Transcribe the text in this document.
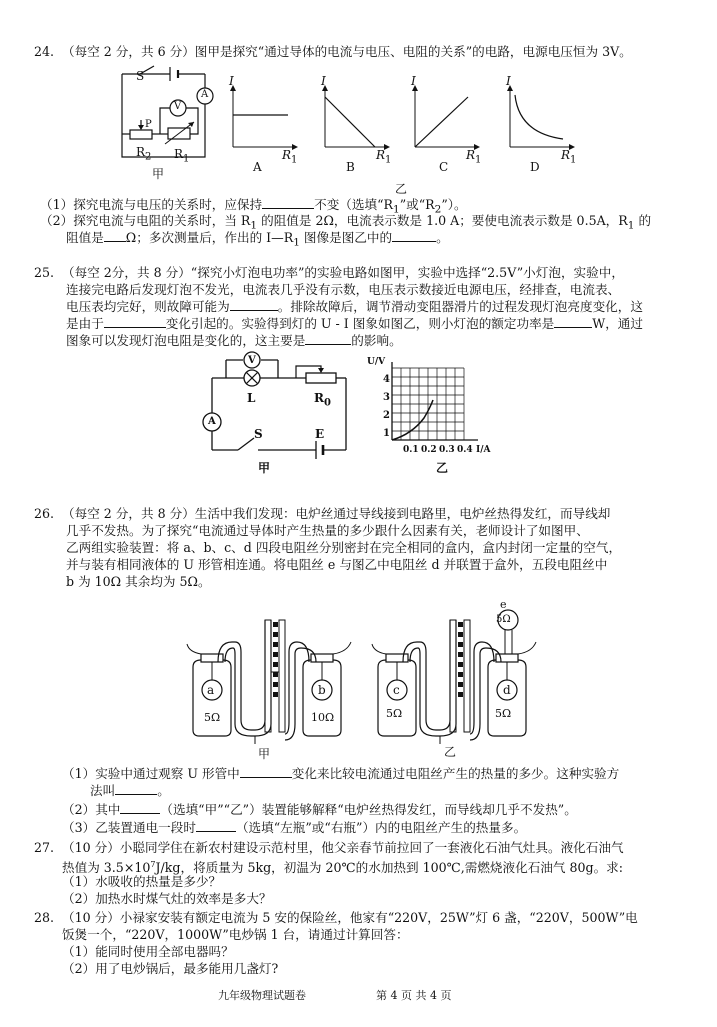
24. （每空 2 分，共 6 分）图甲是探究“通过导体的电流与电压、电阻的关系”的电路，电源电压恒为 3V。
S
A
V
P
$R_2$ $R_1$
甲
I	I	I	I
$R_1$	$R_1$	$R_1$	$R_1$
A	B	C	D
乙
（1）探究电流与电压的关系时，应保持	不变（选填“$R_1$”或“$R_2$”）。
（2）探究电流与电阻的关系时，当 $R_1$ 的阻值是 2Ω，电流表示数是 1.0 A；要使电流表示数是 0.5A，$R_1$ 的
阻值是 Ω；多次测量后，作出的 $I—R_1$ 图像是图乙中的	。
25. （每空 2分，共 8 分）“探究小灯泡电功率”的实验电路如图甲，实验中选择“2.5V”小灯泡，实验中，
连接完电路后发现灯泡不发光，电流表几乎没有示数，电压表示数接近电源电压，经排查，电流表、
电压表均完好，则故障可能为	。排除故障后，调节滑动变阻器滑片的过程发现灯泡亮度变化，这
是由于	变化引起的。实验得到灯的 U - I 图象如图乙，则小灯泡的额定功率是	W，通过
图象可以发现灯泡电阻是变化的，这主要是	的影响。
V
L	$R_0$
A
S	E
甲
U/V
4
3
2
1
0.1 0.2 0.3 0.4 I/A
乙
26. （每空 2 分，共 8 分）生活中我们发现：电炉丝通过导线接到电路里，电炉丝热得发红，而导线却
几乎不发热。为了探究“电流通过导体时产生热量的多少跟什么因素有关，老师设计了如图甲、
乙两组实验装置：将 a、b、c、d 四段电阻丝分别密封在完全相同的盒内，盒内封闭一定量的空气，
并与装有相同液体的 U 形管相连通。将电阻丝 e 与图乙中电阻丝 d 并联置于盒外，五段电阻丝中
b 为 10Ω 其余均为 5Ω。
a	b
5Ω	10Ω
甲
e
5Ω
c	d
5Ω	5Ω
乙
（1）实验中通过观察 U 形管中	变化来比较电流通过电阻丝产生的热量的多少。这种实验方
法叫	。
（2）其中	（选填“甲”“乙”）装置能够解释“电炉丝热得发红，而导线却几乎不发热”。
（3）乙装置通电一段时	（选填“左瓶”或“右瓶”）内的电阻丝产生的热量多。
27. （10 分）小聪同学住在新农村建设示范村里，他父亲春节前拉回了一套液化石油气灶具。液化石油气
热值为 $3.5\times 10^7J/kg$，将质量为 5kg，初温为 20℃的水加热到 100℃,需燃烧液化石油气 80g。求:
（1）水吸收的热量是多少？
（2）加热水时煤气灶的效率是多大？
28. （10 分）小禄家安装有额定电流为 5 安的保险丝，他家有“220V，25W”灯 6 盏，“220V，500W”电
饭煲一个，“220V，1000W”电炒锅 1 台，请通过计算回答：
（1）能同时使用全部电器吗？
（2）用了电炒锅后，最多能用几盏灯?
九年级物理试题卷	第 4 页 共 4 页
